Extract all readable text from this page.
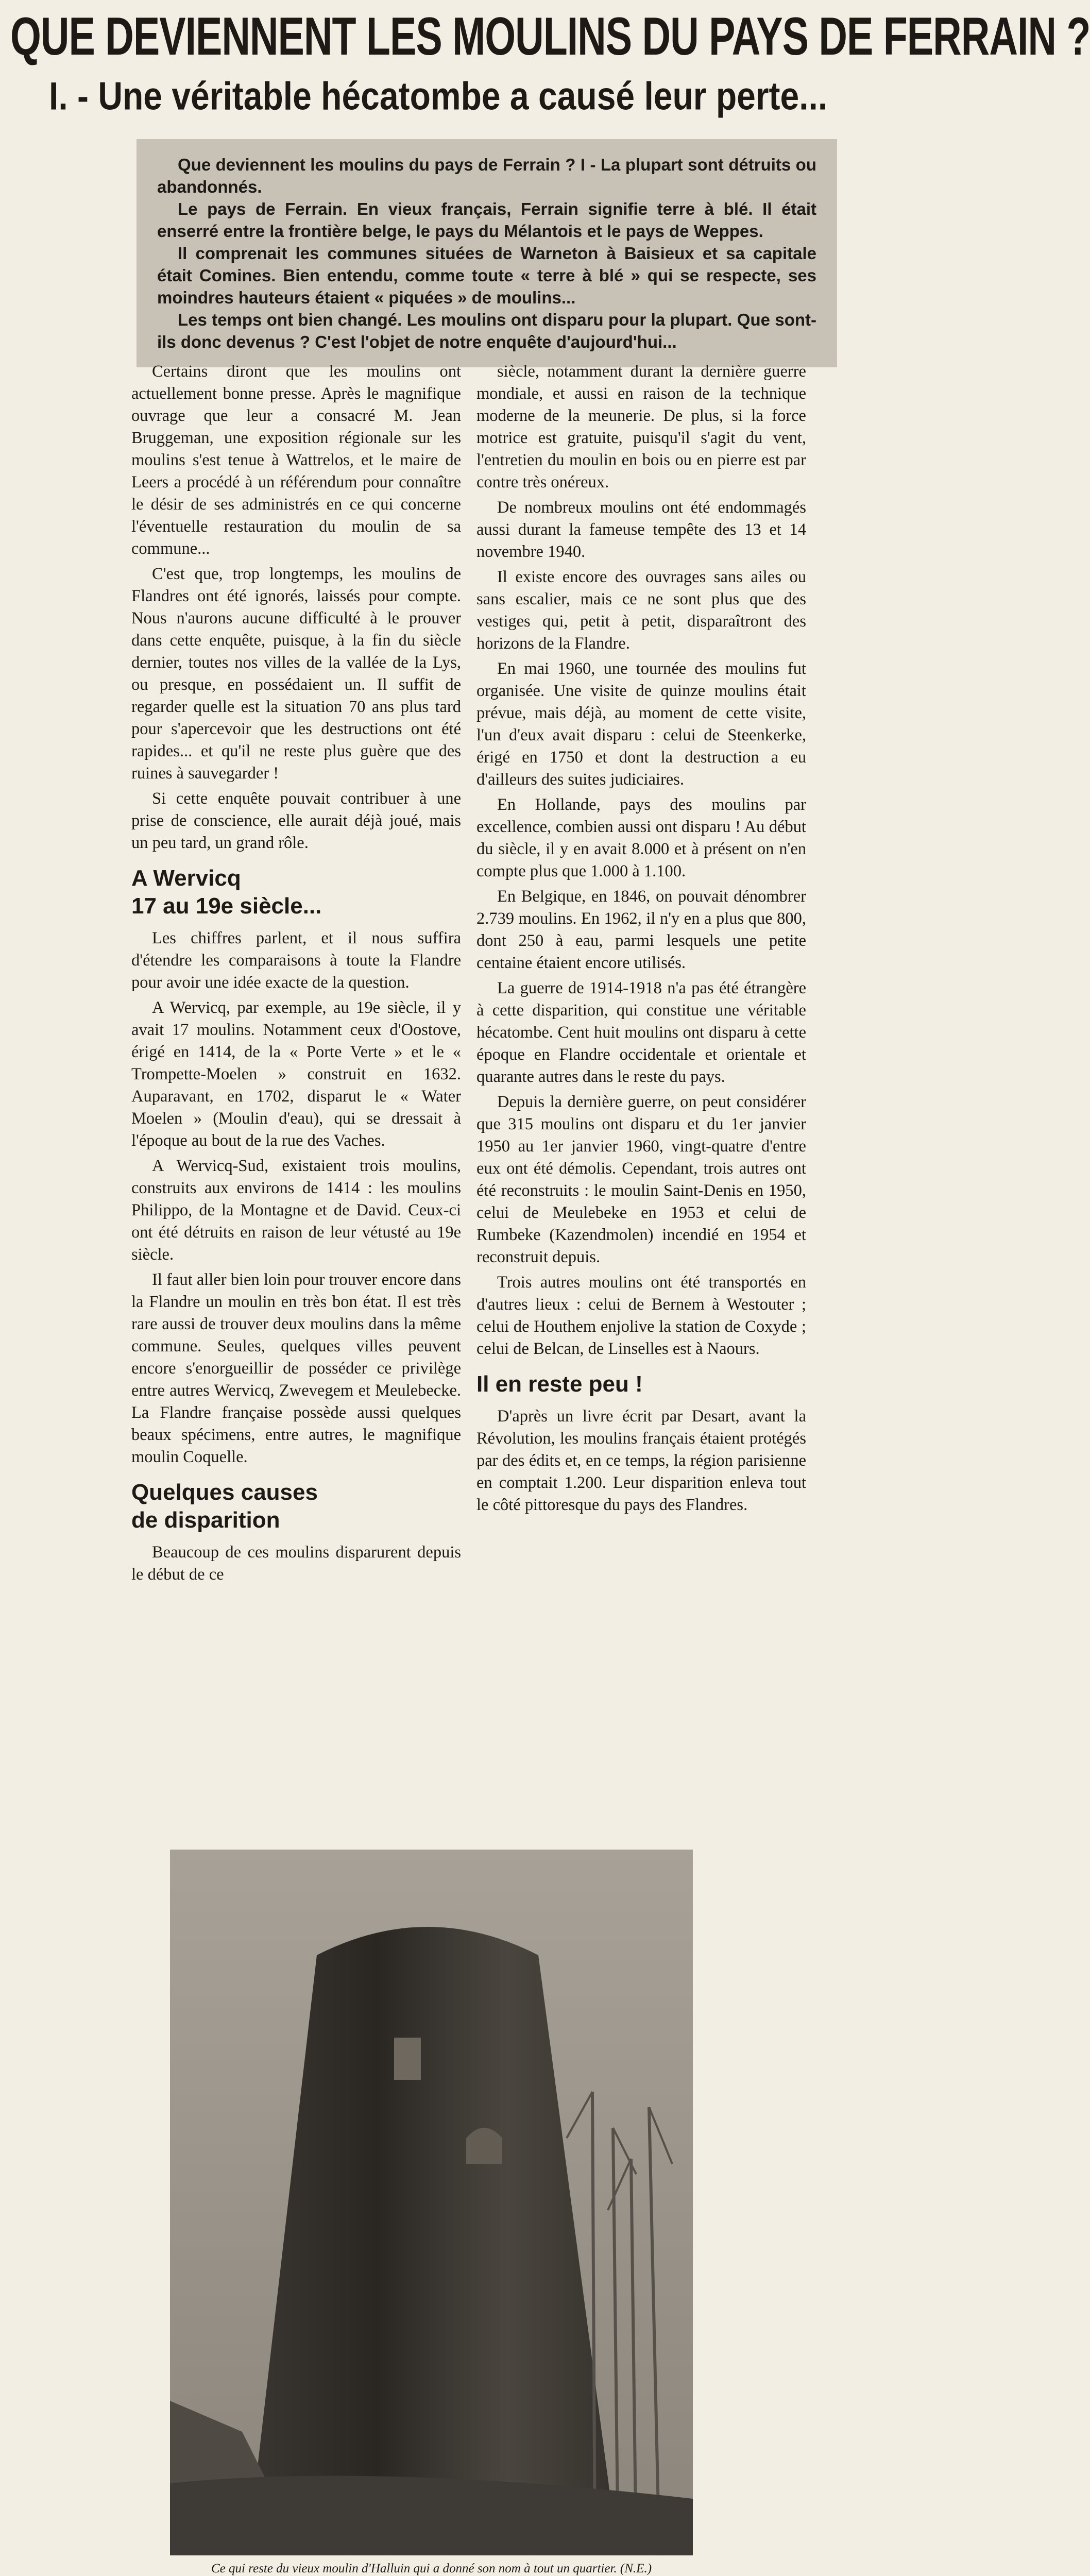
QUE DEVIENNENT LES MOULINS DU PAYS DE FERRAIN ?
I. - Une véritable hécatombe a causé leur perte...

Que deviennent les moulins du pays de Ferrain ? I - La plupart sont détruits ou abandonnés.

Le pays de Ferrain. En vieux français, Ferrain signifie terre à blé. Il était enserré entre la frontière belge, le pays du Mélantois et le pays de Weppes.

Il comprenait les communes situées de Warneton à Baisieux et sa capitale était Comines. Bien entendu, comme toute « terre à blé » qui se respecte, ses moindres hauteurs étaient « piquées » de moulins...

Les temps ont bien changé. Les moulins ont disparu pour la plupart. Que sont-ils donc devenus ? C'est l'objet de notre enquête d'aujourd'hui...

Certains diront que les moulins ont actuellement bonne presse. Après le magnifique ouvrage que leur a consacré M. Jean Bruggeman, une exposition régionale sur les moulins s'est tenue à Wattrelos, et le maire de Leers a procédé à un référendum pour connaître le désir de ses administrés en ce qui concerne l'éventuelle restauration du moulin de sa commune...

C'est que, trop longtemps, les moulins de Flandres ont été ignorés, laissés pour compte. Nous n'aurons aucune difficulté à le prouver dans cette enquête, puisque, à la fin du siècle dernier, toutes nos villes de la vallée de la Lys, ou presque, en possédaient un. Il suffit de regarder quelle est la situation 70 ans plus tard pour s'apercevoir que les destructions ont été rapides... et qu'il ne reste plus guère que des ruines à sauvegarder !

Si cette enquête pouvait contribuer à une prise de conscience, elle aurait déjà joué, mais un peu tard, un grand rôle.

A Wervicq
17 au 19e siècle...

Les chiffres parlent, et il nous suffira d'étendre les comparaisons à toute la Flandre pour avoir une idée exacte de la question.

A Wervicq, par exemple, au 19e siècle, il y avait 17 moulins. Notamment ceux d'Oostove, érigé en 1414, de la « Porte Verte » et le « Trompette-Moelen » construit en 1632. Auparavant, en 1702, disparut le « Water Moelen » (Moulin d'eau), qui se dressait à l'époque au bout de la rue des Vaches.

A Wervicq-Sud, existaient trois moulins, construits aux environs de 1414 : les moulins Philippo, de la Montagne et de David. Ceux-ci ont été détruits en raison de leur vétusté au 19e siècle.

Il faut aller bien loin pour trouver encore dans la Flandre un moulin en très bon état. Il est très rare aussi de trouver deux moulins dans la même commune. Seules, quelques villes peuvent encore s'enorgueillir de posséder ce privilège entre autres Wervicq, Zwevegem et Meulebecke. La Flandre française possède aussi quelques beaux spécimens, entre autres, le magnifique moulin Coquelle.

Quelques causes
de disparition

Beaucoup de ces moulins disparurent depuis le début de ce

siècle, notamment durant la dernière guerre mondiale, et aussi en raison de la technique moderne de la meunerie. De plus, si la force motrice est gratuite, puisqu'il s'agit du vent, l'entretien du moulin en bois ou en pierre est par contre très onéreux.

De nombreux moulins ont été endommagés aussi durant la fameuse tempête des 13 et 14 novembre 1940.

Il existe encore des ouvrages sans ailes ou sans escalier, mais ce ne sont plus que des vestiges qui, petit à petit, disparaîtront des horizons de la Flandre.

En mai 1960, une tournée des moulins fut organisée. Une visite de quinze moulins était prévue, mais déjà, au moment de cette visite, l'un d'eux avait disparu : celui de Steenkerke, érigé en 1750 et dont la destruction a eu d'ailleurs des suites judiciaires.

En Hollande, pays des moulins par excellence, combien aussi ont disparu ! Au début du siècle, il y en avait 8.000 et à présent on n'en compte plus que 1.000 à 1.100.

En Belgique, en 1846, on pouvait dénombrer 2.739 moulins. En 1962, il n'y en a plus que 800, dont 250 à eau, parmi lesquels une petite centaine étaient encore utilisés.

La guerre de 1914-1918 n'a pas été étrangère à cette disparition, qui constitue une véritable hécatombe. Cent huit moulins ont disparu à cette époque en Flandre occidentale et orientale et quarante autres dans le reste du pays.

Depuis la dernière guerre, on peut considérer que 315 moulins ont disparu et du 1er janvier 1950 au 1er janvier 1960, vingt-quatre d'entre eux ont été démolis. Cependant, trois autres ont été reconstruits : le moulin Saint-Denis en 1950, celui de Meulebeke en 1953 et celui de Rumbeke (Kazendmolen) incendié en 1954 et reconstruit depuis.

Trois autres moulins ont été transportés en d'autres lieux : celui de Bernem à Westouter ; celui de Houthem enjolive la station de Coxyde ; celui de Belcan, de Linselles est à Naours.

Il en reste peu !

D'après un livre écrit par Desart, avant la Révolution, les moulins français étaient protégés par des édits et, en ce temps, la région parisienne en comptait 1.200. Leur disparition enleva tout le côté pittoresque du pays des Flandres.

Ce qui reste du vieux moulin d'Halluin qui a donné son nom à tout un quartier. (N.E.)
